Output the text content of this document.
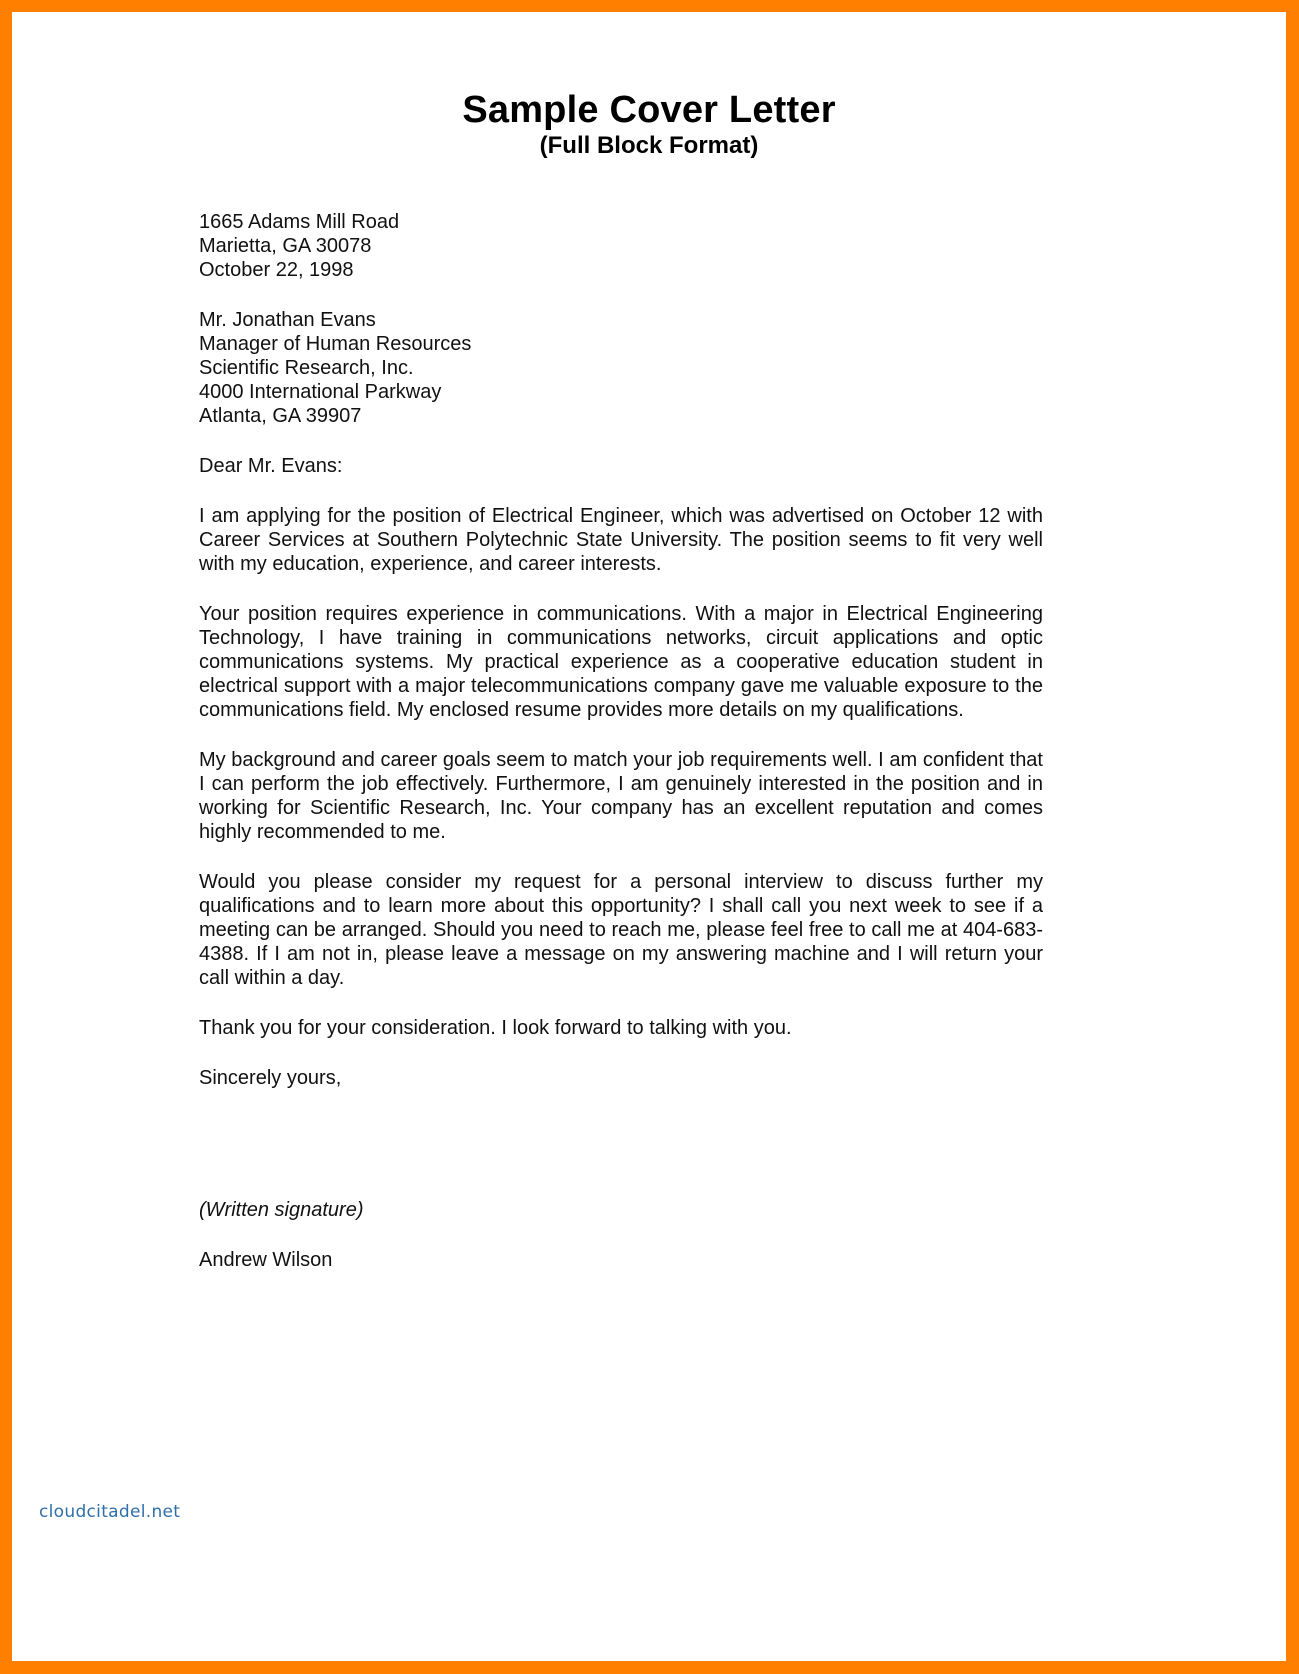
Sample Cover Letter
(Full Block Format)
1665 Adams Mill Road
Marietta, GA 30078
October 22, 1998
Mr. Jonathan Evans
Manager of Human Resources
Scientific Research, Inc.
4000 International Parkway
Atlanta, GA 39907

Dear Mr. Evans:

I am applying for the position of Electrical Engineer, which was advertised on October 12 with Career Services at Southern Polytechnic State University. The position seems to fit very well with my education, experience, and career interests.

Your position requires experience in communications. With a major in Electrical Engineering Technology, I have training in communications networks, circuit applications and optic communications systems. My practical experience as a cooperative education student in electrical support with a major telecommunications company gave me valuable exposure to the communications field. My enclosed resume provides more details on my qualifications.

My background and career goals seem to match your job requirements well. I am confident that I can perform the job effectively. Furthermore, I am genuinely interested in the position and in working for Scientific Research, Inc. Your company has an excellent reputation and comes highly recommended to me.

Would you please consider my request for a personal interview to discuss further my qualifications and to learn more about this opportunity? I shall call you next week to see if a meeting can be arranged. Should you need to reach me, please feel free to call me at 404-683-4388. If I am not in, please leave a message on my answering machine and I will return your call within a day.

Thank you for your consideration. I look forward to talking with you.

Sincerely yours,

(Written signature)

Andrew Wilson

cloudcitadel.net
